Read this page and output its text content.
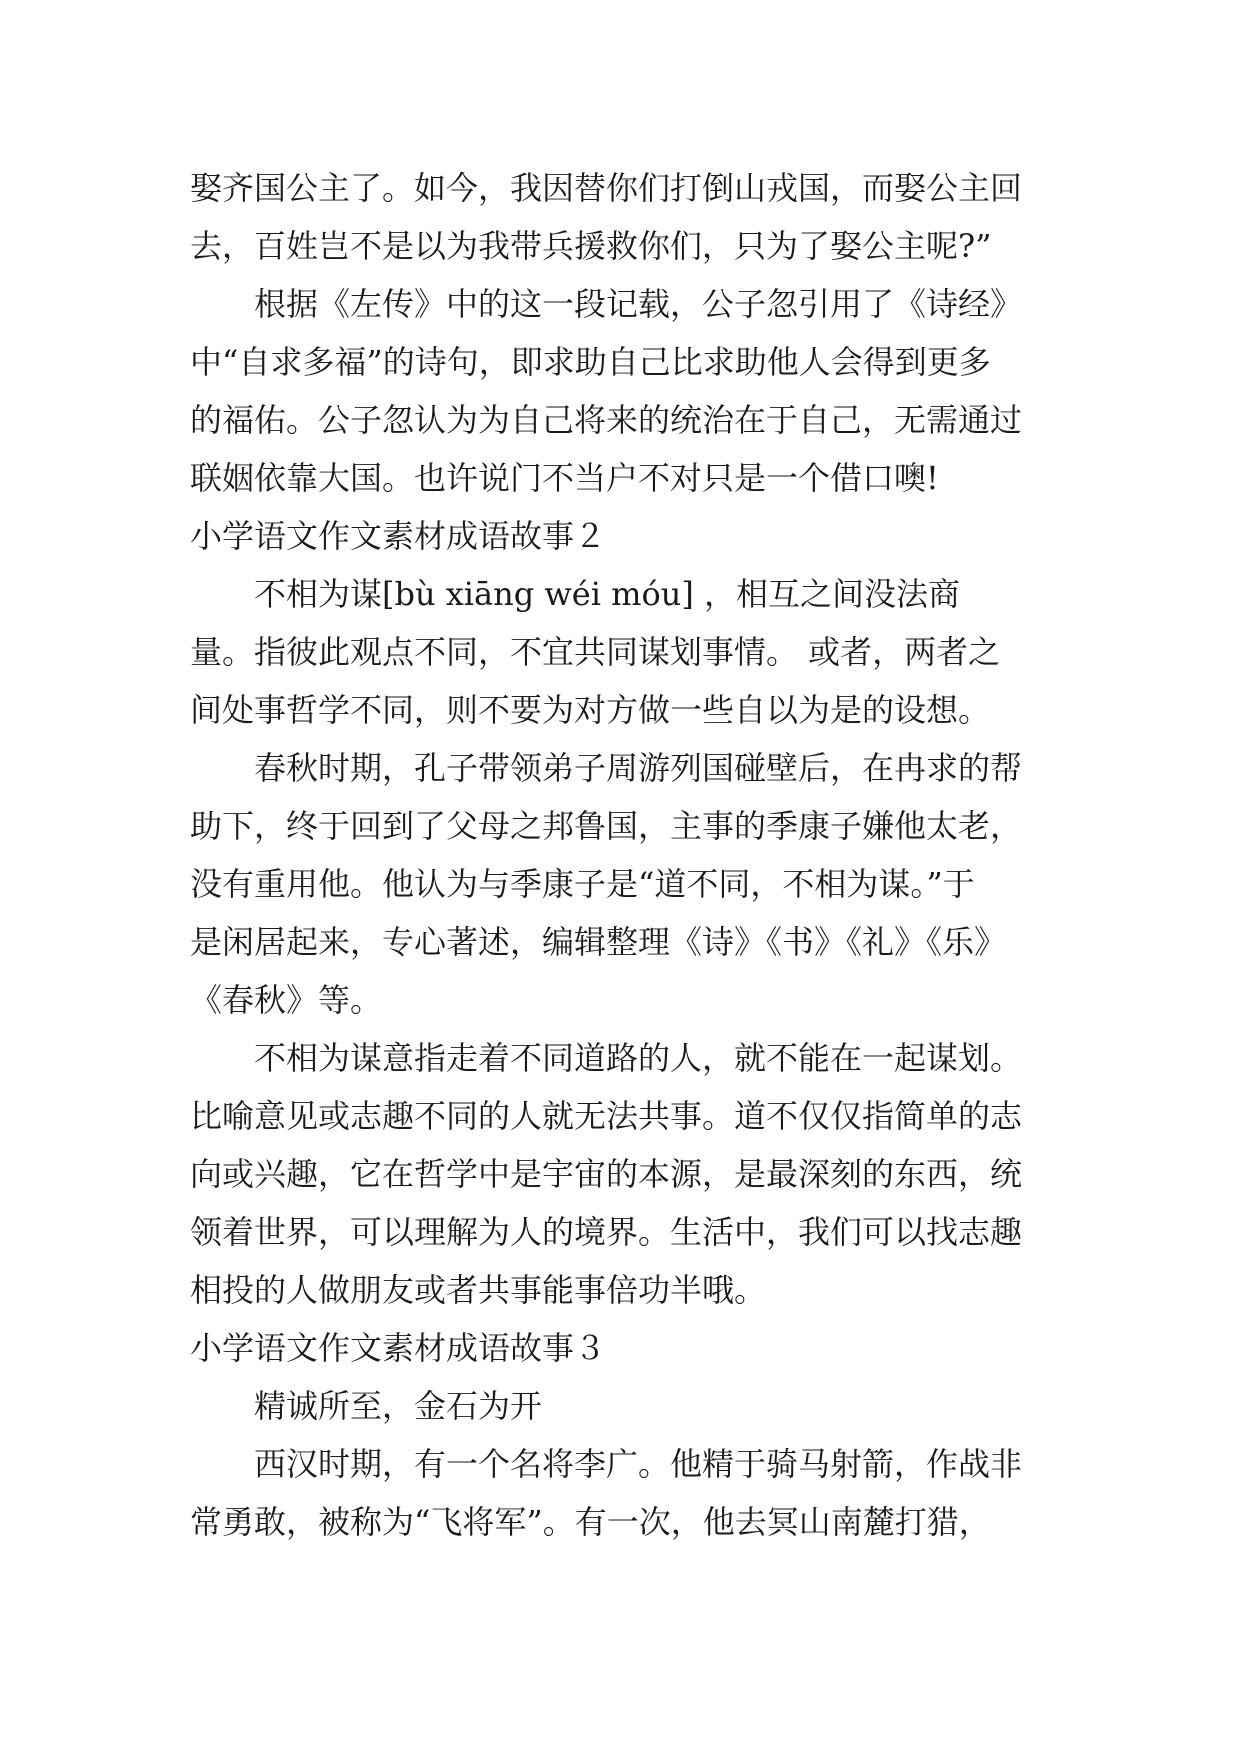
娶齐国公主了。如今，我因替你们打倒山戎国，而娶公主回
去，百姓岂不是以为我带兵援救你们，只为了娶公主呢?”
根据《左传》中的这一段记载，公子忽引用了《诗经》
中“自求多福”的诗句，即求助自己比求助他人会得到更多
的福佑。公子忽认为为自己将来的统治在于自己，无需通过
联姻依靠大国。也许说门不当户不对只是一个借口噢!
小学语文作文素材成语故事２
不相为谋[bù xiāng wéi móu] ，相互之间没法商
量。指彼此观点不同，不宜共同谋划事情。 或者，两者之
间处事哲学不同，则不要为对方做一些自以为是的设想。
春秋时期，孔子带领弟子周游列国碰壁后，在冉求的帮
助下，终于回到了父母之邦鲁国，主事的季康子嫌他太老，
没有重用他。他认为与季康子是“道不同，不相为谋。”于
是闲居起来，专心著述，编辑整理《诗》《书》《礼》《乐》
《春秋》等。
不相为谋意指走着不同道路的人，就不能在一起谋划。
比喻意见或志趣不同的人就无法共事。道不仅仅指简单的志
向或兴趣，它在哲学中是宇宙的本源，是最深刻的东西，统
领着世界，可以理解为人的境界。生活中，我们可以找志趣
相投的人做朋友或者共事能事倍功半哦。
小学语文作文素材成语故事３
精诚所至，金石为开
西汉时期，有一个名将李广。他精于骑马射箭，作战非
常勇敢，被称为“飞将军”。有一次，他去冥山南麓打猎，
